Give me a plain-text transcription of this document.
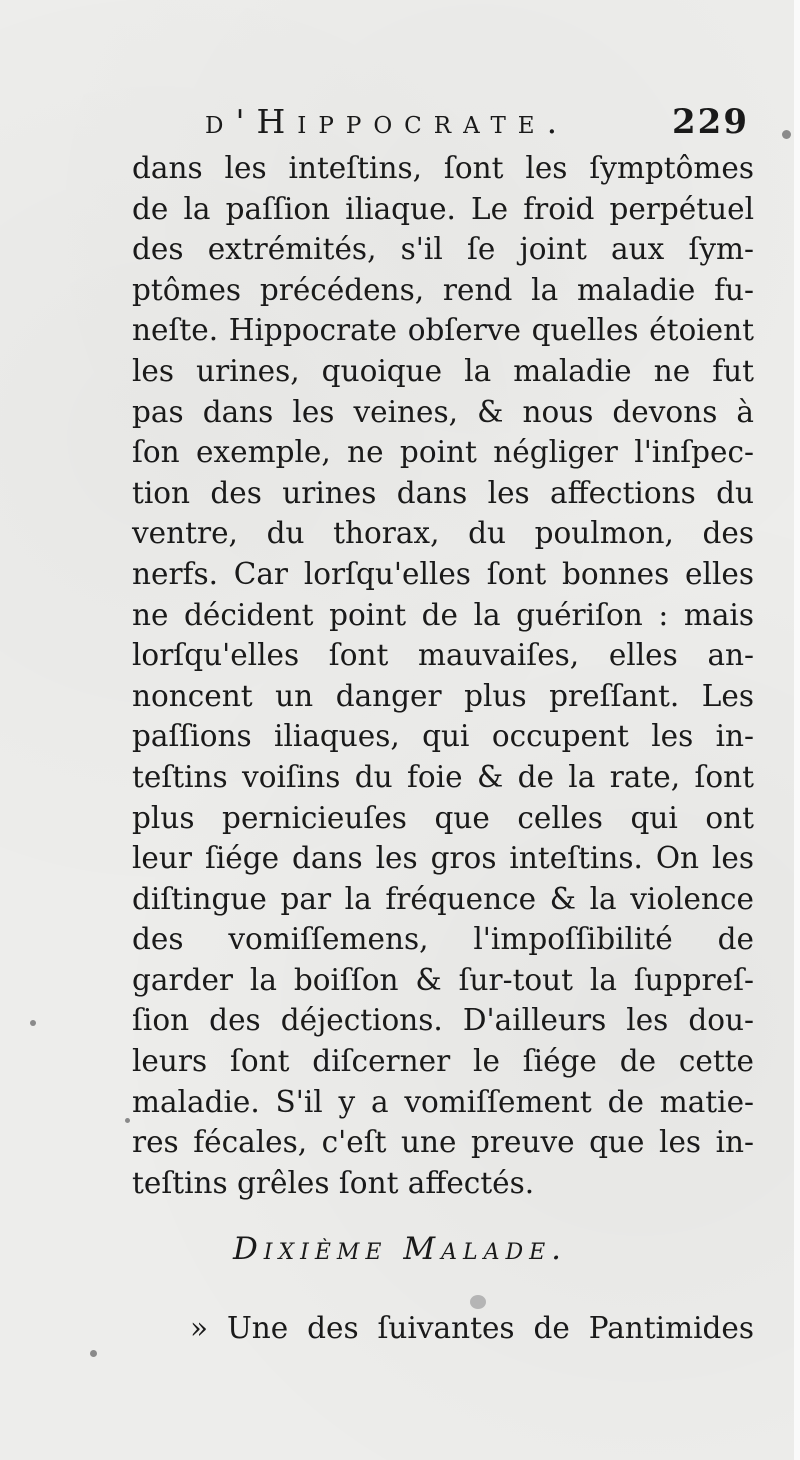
d'Hippocrate.	229
dans les inteſtins, ſont les ſymptômes
de la paſſion iliaque. Le froid perpétuel
des extrémités, s'il ſe joint aux ſym-
ptômes précédens, rend la maladie fu-
neſte. Hippocrate obſerve quelles étoient
les urines, quoique la maladie ne fut
pas dans les veines, & nous devons à
ſon exemple, ne point négliger l'inſpec-
tion des urines dans les affections du
ventre, du thorax, du poulmon, des
nerfs. Car lorſqu'elles ſont bonnes elles
ne décident point de la guériſon : mais
lorſqu'elles ſont mauvaiſes, elles an-
noncent un danger plus preſſant. Les
paſſions iliaques, qui occupent les in-
teſtins voiſins du foie & de la rate, ſont
plus pernicieuſes que celles qui ont
leur ſiége dans les gros inteſtins. On les
diſtingue par la fréquence & la violence
des vomiſſemens, l'impoſſibilité de
garder la boiſſon & ſur-tout la ſuppreſ-
ſion des déjections. D'ailleurs les dou-
leurs ſont diſcerner le ſiége de cette
maladie. S'il y a vomiſſement de matie-
res fécales, c'eſt une preuve que les in-
teſtins grêles ſont affectés.
Dixième Malade.
» Une des ſuivantes de Pantimides
